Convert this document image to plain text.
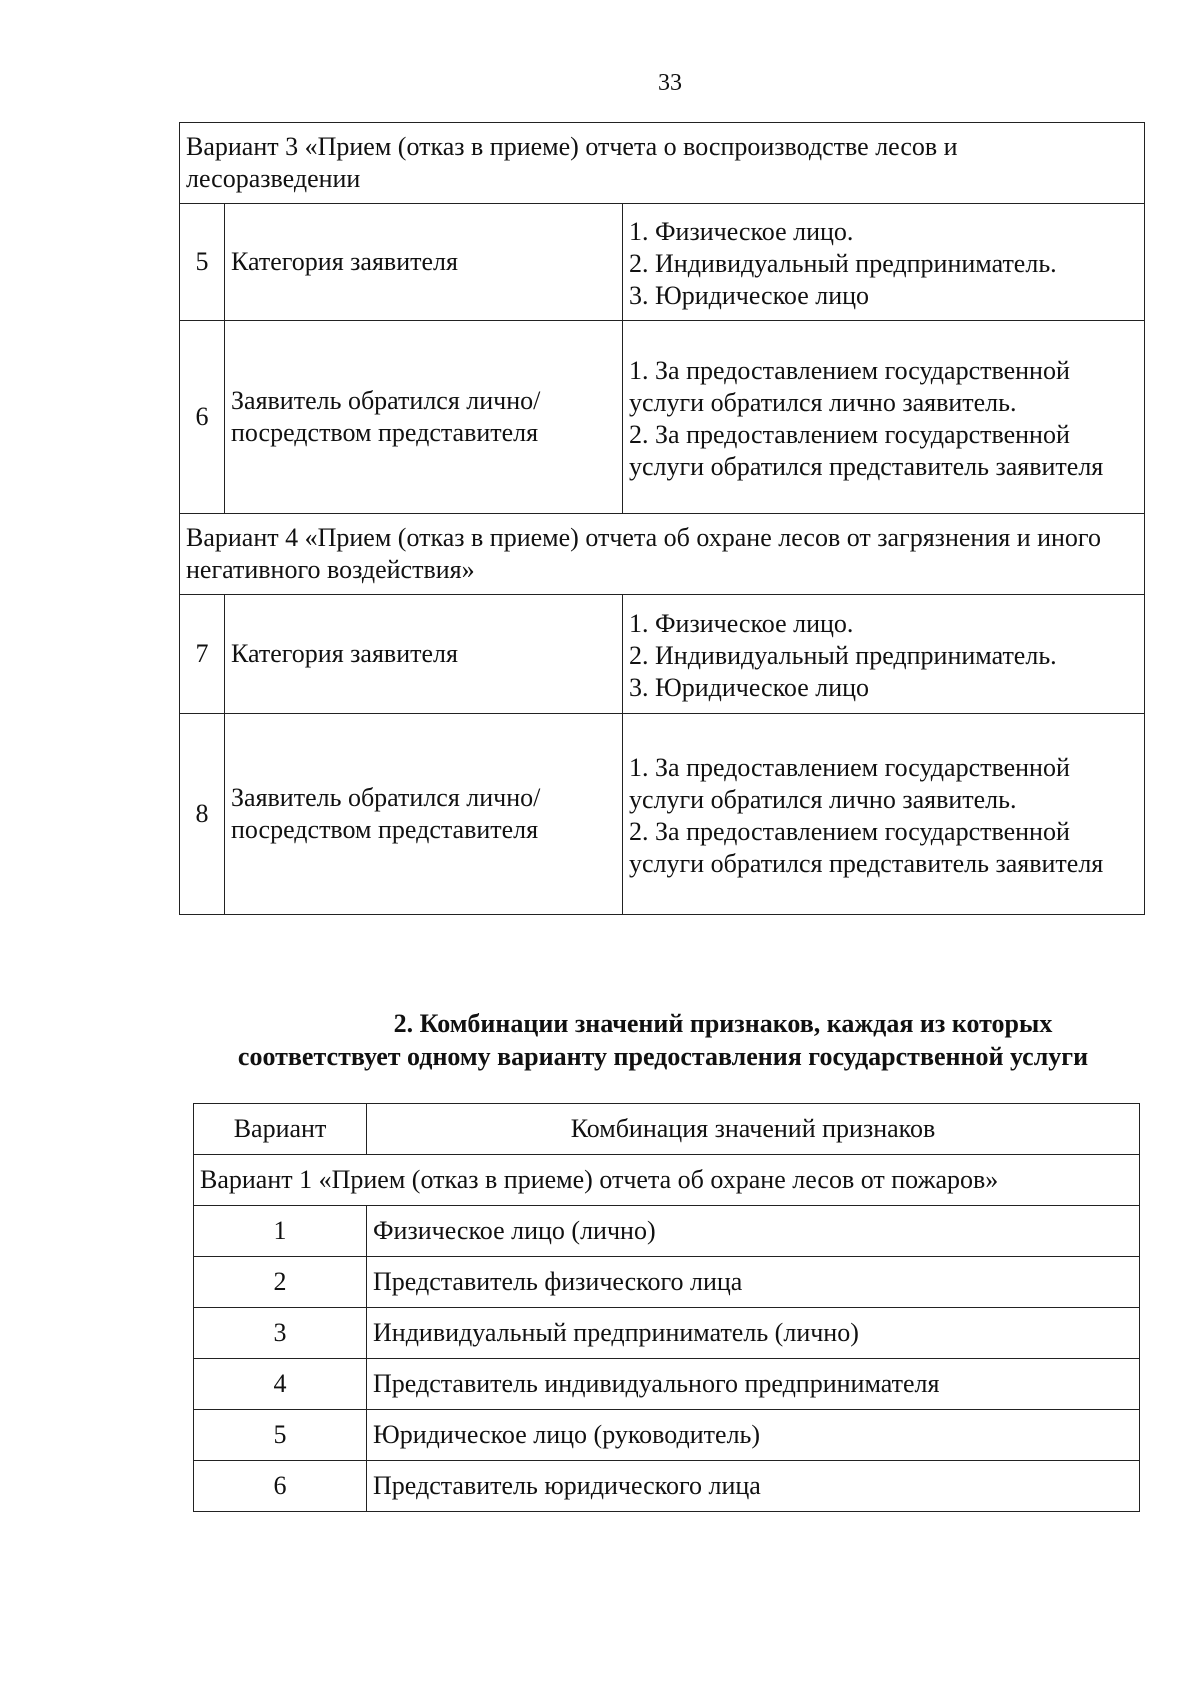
33
Вариант 3 «Прием (отказ в приеме) отчета о воспроизводстве лесов и лесоразведении		
5	Категория заявителя	1. Физическое лицо.
2. Индивидуальный предприниматель.
3. Юридическое лицо

6	Заявитель обратился лично/посредством представителя	1. За предоставлением государственной услуги обратился лично заявитель.
2. За предоставлением государственной услуги обратился представитель заявителя

Вариант 4 «Прием (отказ в приеме) отчета об охране лесов от загрязнения и иного негативного воздействия»		
7	Категория заявителя	1. Физическое лицо.
2. Индивидуальный предприниматель.
3. Юридическое лицо

8	Заявитель обратился лично/посредством представителя	1. За предоставлением государственной услуги обратился лично заявитель.
2. За предоставлением государственной услуги обратился представитель заявителя
2. Комбинации значений признаков, каждая из которых
соответствует одному варианту предоставления государственной услуги
Вариант	Комбинация значений признаков
Вариант 1 «Прием (отказ в приеме) отчета об охране лесов от пожаров»	
1	Физическое лицо (лично)
2	Представитель физического лица
3	Индивидуальный предприниматель (лично)
4	Представитель индивидуального предпринимателя
5	Юридическое лицо (руководитель)
6	Представитель юридического лица
